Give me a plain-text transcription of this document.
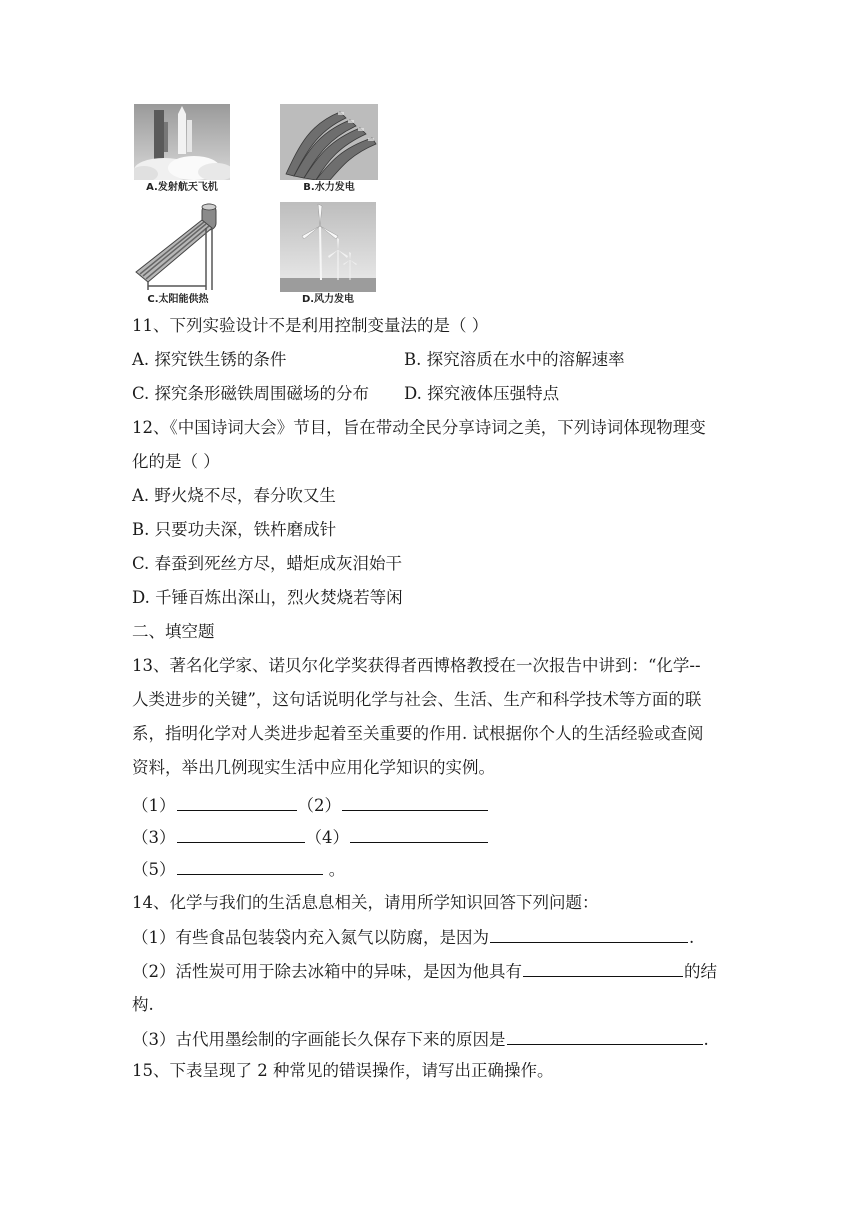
A.发射航天飞机	B.水力发电
C.太阳能供热	D.风力发电
11、下列实验设计不是利用控制变量法的是（ ）
A. 探究铁生锈的条件	B. 探究溶质在水中的溶解速率
C. 探究条形磁铁周围磁场的分布 D. 探究液体压强特点
12、《中国诗词大会》节目，旨在带动全民分享诗词之美，下列诗词体现物理变
化的是（ ）
A. 野火烧不尽，春分吹又生
B. 只要功夫深，铁杵磨成针
C. 春蚕到死丝方尽，蜡炬成灰泪始干
D. 千锤百炼出深山，烈火焚烧若等闲
二、填空题
13、著名化学家、诺贝尔化学奖获得者西博格教授在一次报告中讲到：“化学--
人类进步的关键”，这句话说明化学与社会、生活、生产和科学技术等方面的联
系，指明化学对人类进步起着至关重要的作用. 试根据你个人的生活经验或查阅
资料，举出几例现实生活中应用化学知识的实例。
（1）	（2）
（3）	（4）
（5）	。
14、化学与我们的生活息息相关，请用所学知识回答下列问题：
（1）有些食品包装袋内充入氮气以防腐，是因为	.
（2）活性炭可用于除去冰箱中的异味，是因为他具有	的结
构.
（3）古代用墨绘制的字画能长久保存下来的原因是	.
15、下表呈现了 2 种常见的错误操作，请写出正确操作。
